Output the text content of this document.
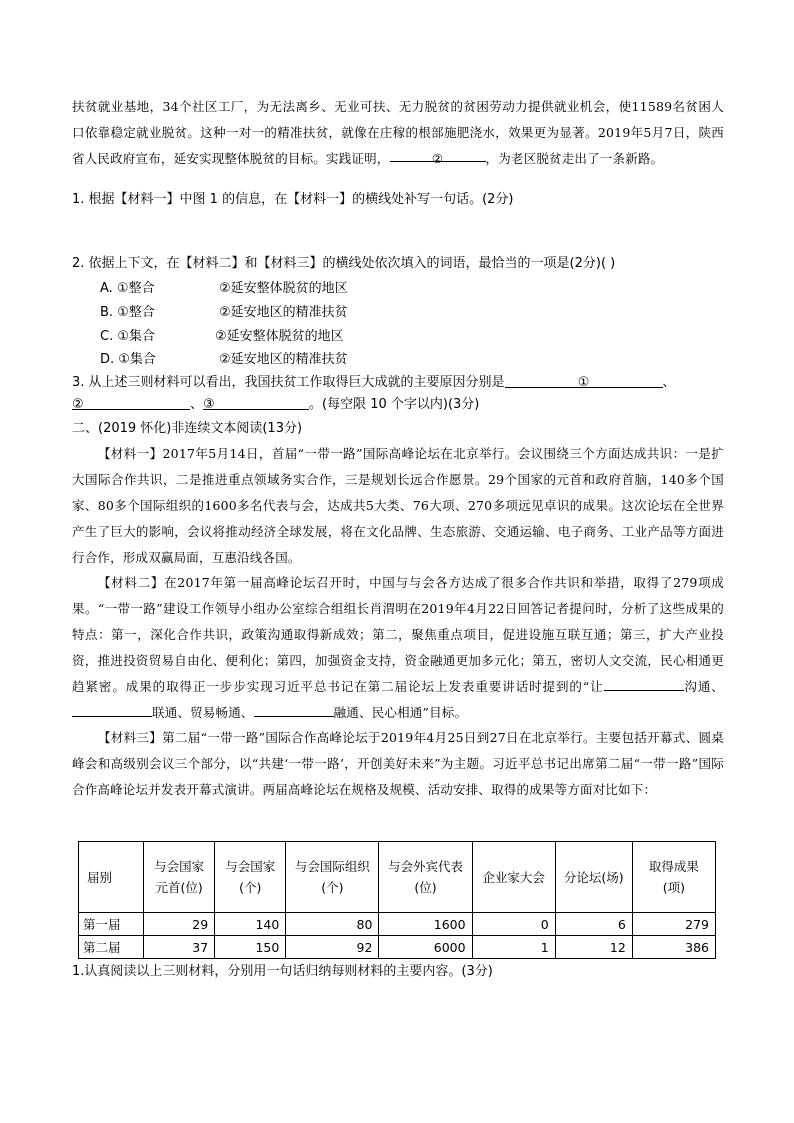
扶贫就业基地，34个社区工厂，为无法离乡、无业可扶、无力脱贫的贫困劳动力提供就业机会，使11589名贫困人口依靠稳定就业脱贫。这种一对一的精准扶贫，就像在庄稼的根部施肥浇水，效果更为显著。2019年5月7日，陕西省人民政府宣布，延安实现整体脱贫的目标。实践证明，	②	，为老区脱贫走出了一条新路。

1. 根据【材料一】中图 1 的信息，在【材料一】的横线处补写一句话。(2分)
2. 依据上下文，在【材料二】和【材料三】的横线处依次填入的词语，最恰当的一项是(2分)( )
A. ①整合	②延安整体脱贫的地区
B. ①整合	②延安地区的精准扶贫
C. ①集合	②延安整体脱贫的地区
D. ①集合	②延安地区的精准扶贫
3. 从上述三则材料可以看出，我国扶贫工作取得巨大成就的主要原因分别是	①	、
②	、③	。(每空限 10 个字以内)(3分)
二、(2019 怀化)非连续文本阅读(13分)

【材料一】2017年5月14日，首届“一带一路”国际高峰论坛在北京举行。会议围绕三个方面达成共识：一是扩大国际合作共识，二是推进重点领域务实合作，三是规划长远合作愿景。29个国家的元首和政府首脑，140多个国家、80多个国际组织的1600多名代表与会，达成共5大类、76大项、270多项远见卓识的成果。这次论坛在全世界产生了巨大的影响，会议将推动经济全球发展，将在文化品牌、生态旅游、交通运输、电子商务、工业产品等方面进行合作，形成双赢局面，互惠沿线各国。

【材料二】在2017年第一届高峰论坛召开时，中国与与会各方达成了很多合作共识和举措，取得了279项成果。“一带一路”建设工作领导小组办公室综合组组长肖渭明在2019年4月22日回答记者提问时，分析了这些成果的特点：第一，深化合作共识，政策沟通取得新成效；第二，聚焦重点项目，促进设施互联互通；第三，扩大产业投资，推进投资贸易自由化、便利化；第四，加强资金支持，资金融通更加多元化；第五，密切人文交流，民心相通更趋紧密。成果的取得正一步步实现习近平总书记在第二届论坛上发表重要讲话时提到的“让	沟通、联通、贸易畅通、	融通、民心相通”目标。

【材料三】第二届“一带一路”国际合作高峰论坛于2019年4月25日到27日在北京举行。主要包括开幕式、圆桌峰会和高级别会议三个部分，以“共建‘一带一路’，开创美好未来”为主题。习近平总书记出席第二届“一带一路”国际合作高峰论坛并发表开幕式演讲。两届高峰论坛在规格及规模、活动安排、取得的成果等方面对比如下：

届别	与会国家元首(位)	与会国家(个)	与会国际组织(个)	与会外宾代表(位)	企业家大会	分论坛(场)	取得成果(项)
第一届	29	140	80	1600	0	6	279
第二届	37	150	92	6000	1	12	386
1.认真阅读以上三则材料，分别用一句话归纳每则材料的主要内容。(3分)
